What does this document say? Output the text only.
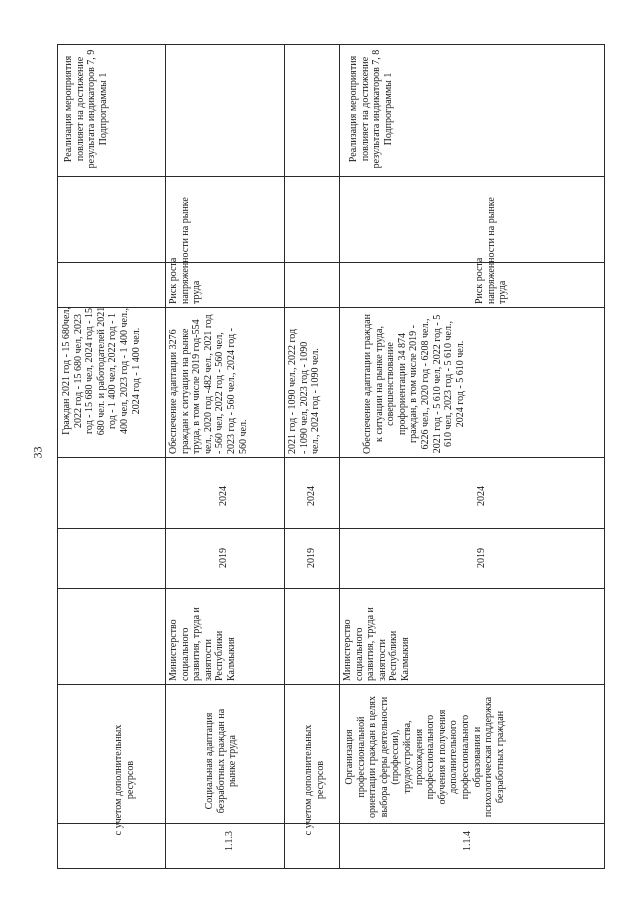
33
с учетом дополнительных ресурсов
Граждан 2021 год - 15 680чел, 2022 год - 15 680 чел, 2023 год - 15 680 чел, 2024 год - 15 680 чел. и работодателей 2021 год - 1 400 чел, 2022 год - 1 400 чел, 2023 год - 1 400 чел., 2024 год - 1 400 чел.
Реализация мероприятия повлияет на достижение результата индикаторов 7, 9 Подпрограммы 1
1.1.3
Социальная адаптация безработных граждан на рынке труда
Министерство социального развития, труда и занятости Республики Калмыкия
2019
2024
Обеспечение адаптации 3276 граждан к ситуации на рынке труда, в том числе 2019 год-554 чел., 2020 год -482 чел., 2021 год - 560 чел, 2022 год - 560 чел, 2023 год - 560 чел., 2024 год - 560 чел.
Риск роста напряженности на рынке труда
с учетом дополнительных ресурсов
2019
2024
2021 год - 1090 чел., 2022 год - 1090 чел, 2023 год - 1090 чел., 2024 год - 1090 чел.
1.1.4
Организация профессиональной ориентации граждан в целях выбора сферы деятельности (профессии), трудоустройства, прохождения профессионального обучения и получения дополнительного профессионального образования и психологическая поддержка безработных граждан
Министерство социального развития, труда и занятости Республики Калмыкия
2019
2024
Обеспечение адаптации граждан к ситуации на рынке труда, совершенствование профориентации 34 874 граждан, в том числе 2019 - 6226 чел., 2020 год - 6208 чел., 2021 год - 5 610 чел, 2022 год - 5 610 чел, 2023 год - 5 610 чел., 2024 год - 5 610 чел.
Риск роста напряженности на рынке труда
Реализация мероприятия повлияет на достижение результата индикаторов 7, 8 Подпрограммы 1
